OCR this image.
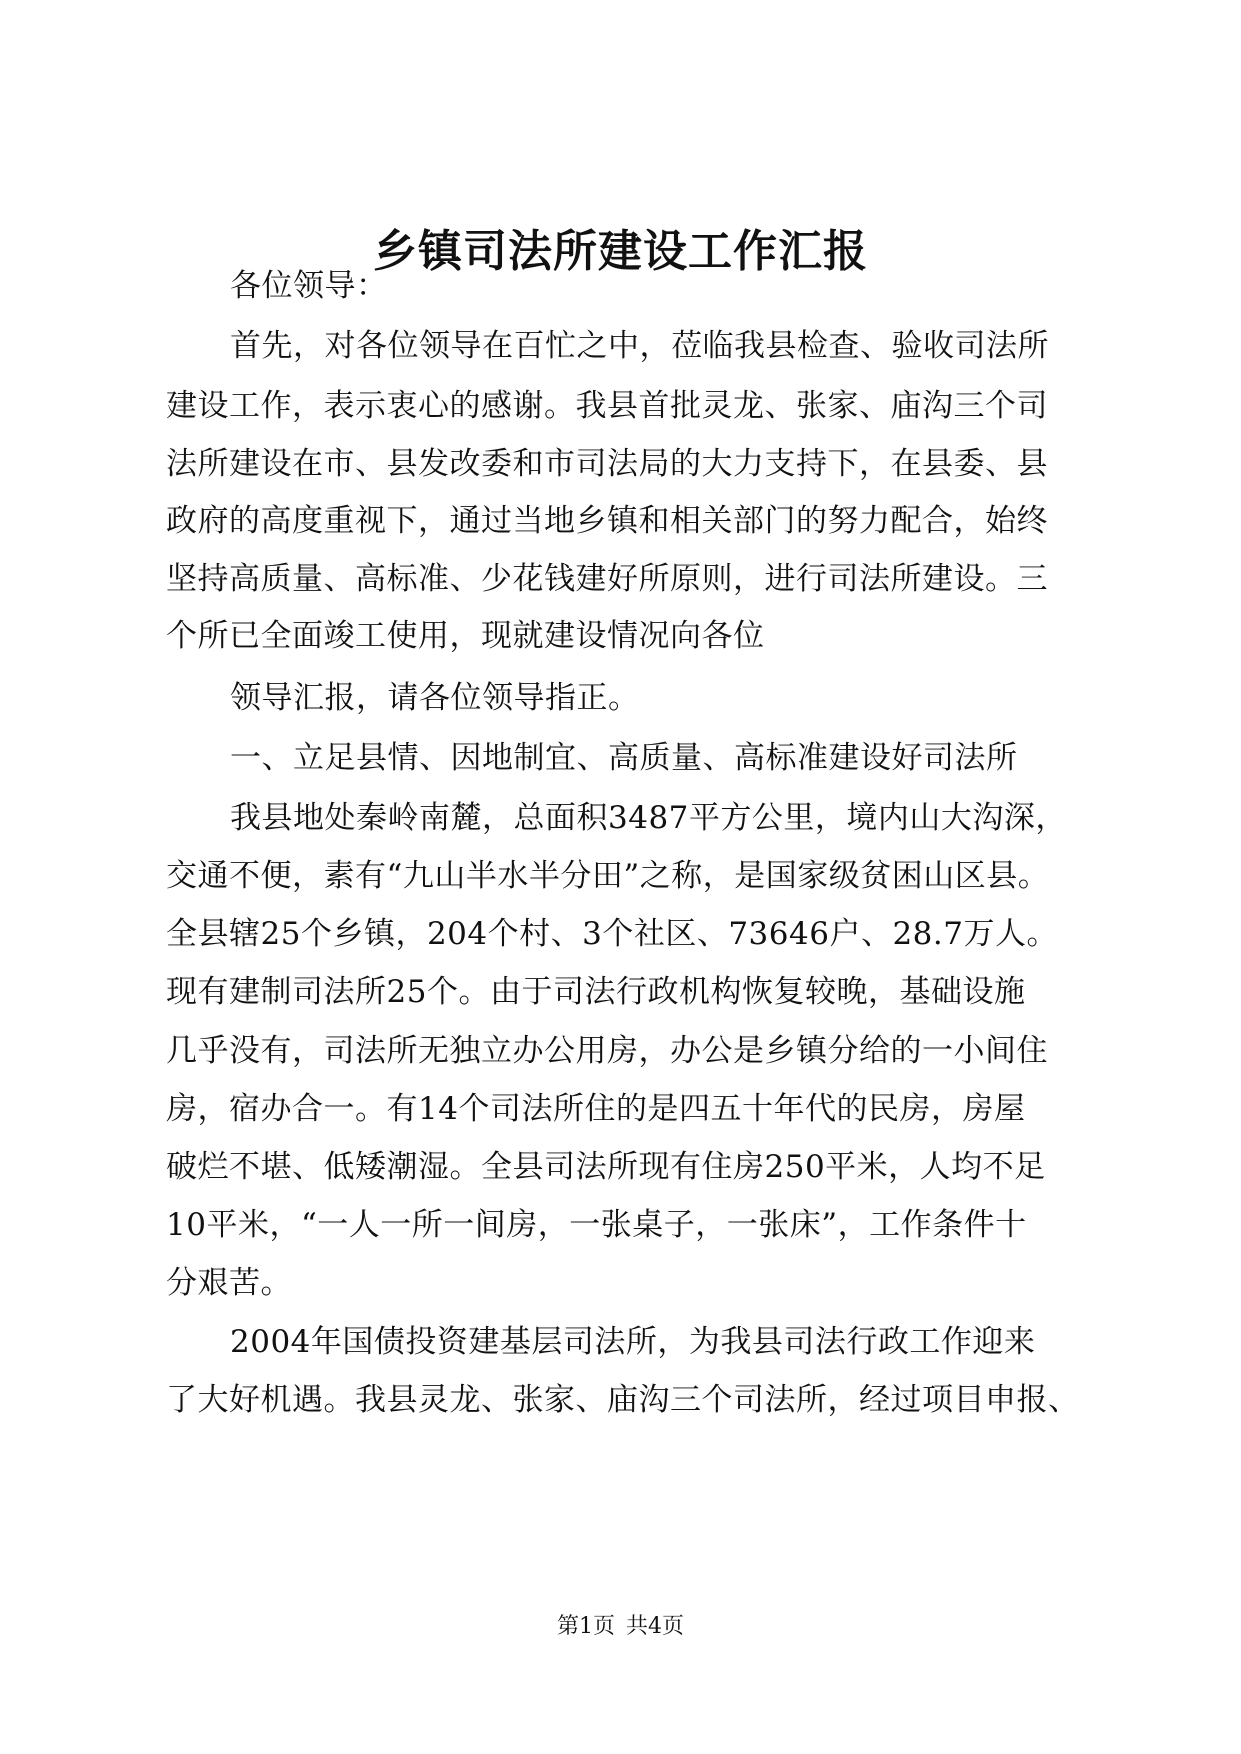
乡镇司法所建设工作汇报
各位领导：
首先，对各位领导在百忙之中，莅临我县检查、验收司法所
建设工作，表示衷心的感谢。我县首批灵龙、张家、庙沟三个司
法所建设在市、县发改委和市司法局的大力支持下，在县委、县
政府的高度重视下，通过当地乡镇和相关部门的努力配合，始终
坚持高质量、高标准、少花钱建好所原则，进行司法所建设。三
个所已全面竣工使用，现就建设情况向各位
领导汇报，请各位领导指正。
一、立足县情、因地制宜、高质量、高标准建设好司法所
我县地处秦岭南麓，总面积3487平方公里，境内山大沟深，
交通不便，素有“九山半水半分田”之称，是国家级贫困山区县。
全县辖25个乡镇，204个村、3个社区、73646户、28.7万人。
现有建制司法所25个。由于司法行政机构恢复较晚，基础设施
几乎没有，司法所无独立办公用房，办公是乡镇分给的一小间住
房，宿办合一。有14个司法所住的是四五十年代的民房，房屋
破烂不堪、低矮潮湿。全县司法所现有住房250平米，人均不足
10平米，“一人一所一间房，一张桌子，一张床”，工作条件十
分艰苦。
2004年国债投资建基层司法所，为我县司法行政工作迎来
了大好机遇。我县灵龙、张家、庙沟三个司法所，经过项目申报、
第1页 共4页
